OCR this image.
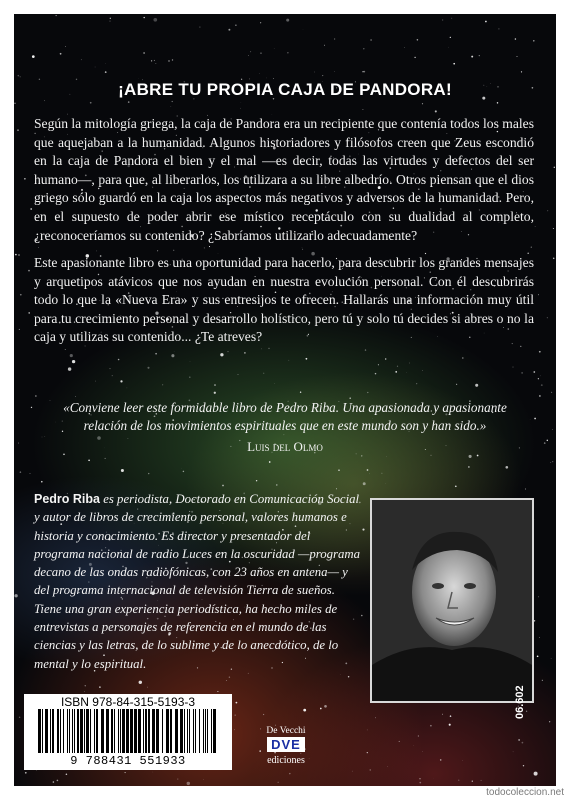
¡ABRE TU PROPIA CAJA DE PANDORA!

Según la mitología griega, la caja de Pandora era un recipiente que contenía todos los males que aquejaban a la humanidad. Algunos historiadores y filósofos creen que Zeus escondió en la caja de Pandora el bien y el mal —es decir, todas las virtudes y defectos del ser humano—, para que, al liberarlos, los utilizara a su libre albedrío. Otros piensan que el dios griego sólo guardó en la caja los aspectos más negativos y adversos de la humanidad. Pero, en el supuesto de poder abrir ese místico receptáculo con su dualidad al completo, ¿reconoceríamos su contenido? ¿Sabríamos utilizarlo adecuadamente?

Este apasionante libro es una oportunidad para hacerlo, para descubrir los grandes mensajes y arquetipos atávicos que nos ayudan en nuestra evolución personal. Con él descubrirás todo lo que la «Nueva Era» y sus entresijos te ofrecen. Hallarás una información muy útil para tu crecimiento personal y desarrollo holístico, pero tú y solo tú decides si abres o no la caja y utilizas su contenido... ¿Te atreves?

«Conviene leer este formidable libro de Pedro Riba. Una apasionada y apasionante relación de los movimientos espirituales que en este mundo son y han sido.»

Luis del Olmo

Pedro Riba es periodista, Doctorado en Comunicación Social y autor de libros de crecimiento personal, valores humanos e historia y conocimiento. Es director y presentador del programa nacional de radio Luces en la oscuridad —programa decano de las ondas radiofónicas, con 23 años en antena— y del programa internacional de televisión Tierra de sueños. Tiene una gran experiencia periodística, ha hecho miles de entrevistas a personajes de referencia en el mundo de las ciencias y las letras, de lo sublime y de lo anecdótico, de lo mental y lo espiritual.

ISBN 978-84-315-5193-3
9 788431 551933
De Vecchi
DVE
ediciones
06.602
todocoleccion.net
